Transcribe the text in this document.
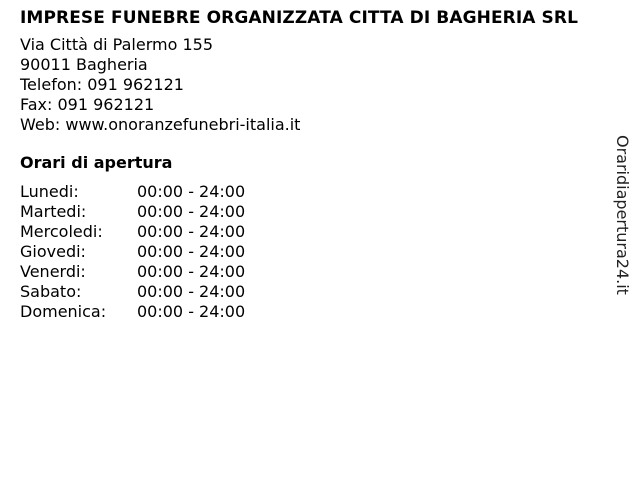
IMPRESE FUNEBRE ORGANIZZATA CITTA DI BAGHERIA SRL
Via Città di Palermo 155
90011 Bagheria
Telefon: 091 962121
Fax: 091 962121
Web: www.onoranzefunebri-italia.it
Orari di apertura
Lunedi:	00:00 - 24:00
Martedi:	00:00 - 24:00
Mercoledi:	00:00 - 24:00
Giovedi:	00:00 - 24:00
Venerdi:	00:00 - 24:00
Sabato:	00:00 - 24:00
Domenica:	00:00 - 24:00
Oraridiapertura24.it
